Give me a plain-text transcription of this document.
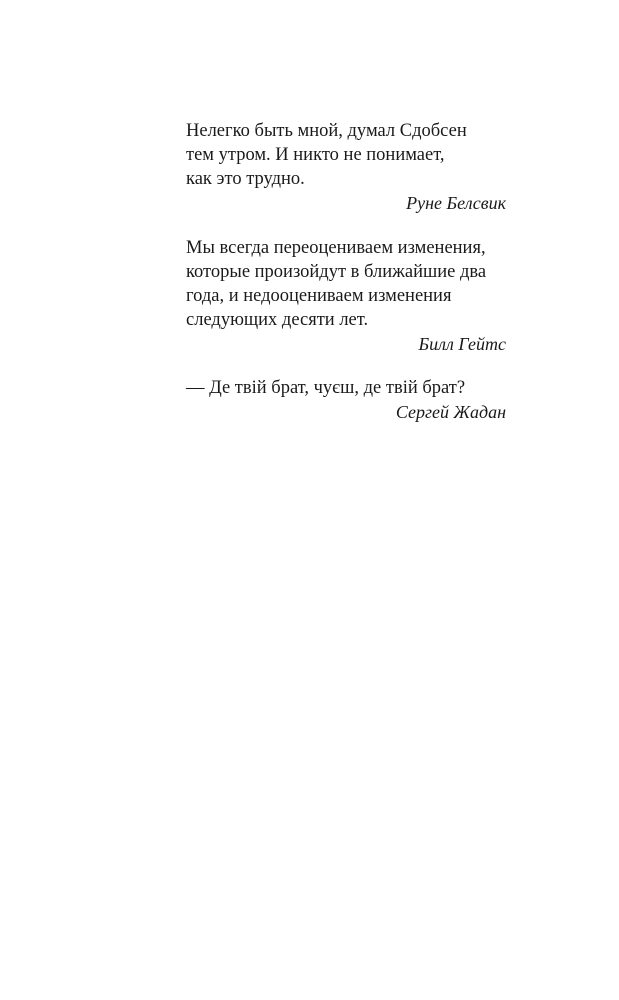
Нелегко быть мной, думал Сдобсен
тем утром. И никто не понимает,
как это трудно.
Руне Белсвик
Мы всегда переоцениваем изменения,
которые произойдут в ближайшие два
года, и недооцениваем изменения
следующих десяти лет.
Билл Гейтс
— Де твій брат, чуєш, де твій брат?
Сергей Жадан
